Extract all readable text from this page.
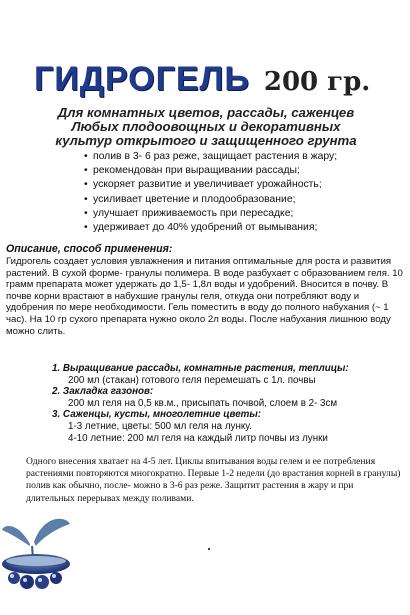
ГИДРОГЕЛЬ 200 гр.
Для комнатных цветов, рассады, саженцев
Любых плодоовощных и декоративных
культур открытого и защищенного грунта
• полив в 3- 6 раз реже, защищает растения в жару;
• рекомендован при выращивании рассады;
• ускоряет развитие и увеличивает урожайность;
• усиливает цветение и плодообразование;
• улучшает приживаемость при пересадке;
• удерживает до 40% удобрений от вымывания;
Описание, способ применения:

Гидрогель создает условия увлажнения и питания оптимальные для роста и развития растений. В сухой форме- гранулы полимера. В воде разбухает с образованием геля. 10 грамм препарата может удержать до 1,5- 1,8л воды и удобрений. Вносится в почву. В почве корни врастают в набухшие гранулы геля, откуда они потребляют воду и удобрения по мере необходимости. Гель поместить в воду до полного набухания (~ 1 час). На 10 гр сухого препарата нужно около 2л воды. После набухания лишнюю воду можно слить.

1. Выращивание рассады, комнатные растения, теплицы:
200 мл (стакан) готового геля перемешать с 1л. почвы
2. Закладка газонов:
200 мл геля на 0,5 кв.м., присыпать почвой, слоем в 2- 3см
3. Саженцы, кусты, многолетние цветы:
1-3 летние, цветы: 500 мл геля на лунку.
4-10 летние: 200 мл геля на каждый литр почвы из лунки

Одного внесения хватает на 4-5 лет. Циклы впитывания воды гелем и ее потребления растениями повторяются многократно. Первые 1-2 недели (до врастания корней в гранулы) полив как обычно, после- можно в 3-6 раз реже. Защитит растения в жару и при длительных перерывах между поливами.
